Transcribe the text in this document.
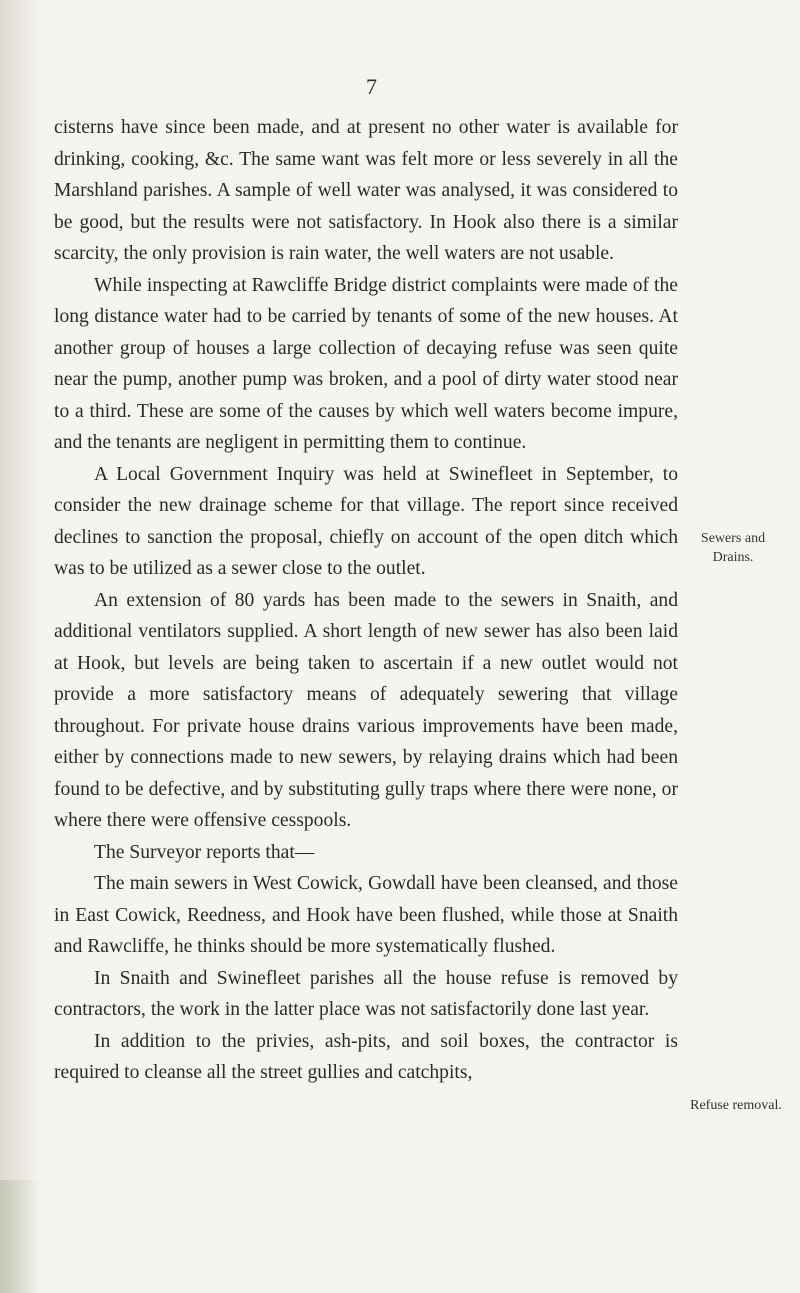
7

cisterns have since been made, and at present no other water is available for drinking, cooking, &c. The same want was felt more or less severely in all the Marshland parishes. A sample of well water was analysed, it was considered to be good, but the results were not satisfactory. In Hook also there is a similar scarcity, the only provision is rain water, the well waters are not usable.

While inspecting at Rawcliffe Bridge district complaints were made of the long distance water had to be carried by tenants of some of the new houses. At another group of houses a large collection of decaying refuse was seen quite near the pump, another pump was broken, and a pool of dirty water stood near to a third. These are some of the causes by which well waters become impure, and the tenants are negligent in permitting them to continue.

A Local Government Inquiry was held at Swinefleet in September, to consider the new drainage scheme for that village. The report since received declines to sanction the proposal, chiefly on account of the open ditch which was to be utilized as a sewer close to the outlet.

An extension of 80 yards has been made to the sewers in Snaith, and additional ventilators supplied. A short length of new sewer has also been laid at Hook, but levels are being taken to ascertain if a new outlet would not provide a more satisfactory means of adequately sewering that village throughout. For private house drains various improvements have been made, either by connections made to new sewers, by relaying drains which had been found to be defective, and by substituting gully traps where there were none, or where there were offensive cesspools.

The Surveyor reports that—

The main sewers in West Cowick, Gowdall have been cleansed, and those in East Cowick, Reedness, and Hook have been flushed, while those at Snaith and Rawcliffe, he thinks should be more systematically flushed.

In Snaith and Swinefleet parishes all the house refuse is removed by contractors, the work in the latter place was not satisfactorily done last year.

In addition to the privies, ash-pits, and soil boxes, the contractor is required to cleanse all the street gullies and catchpits,

Sewers and
Drains.
Refuse removal.
